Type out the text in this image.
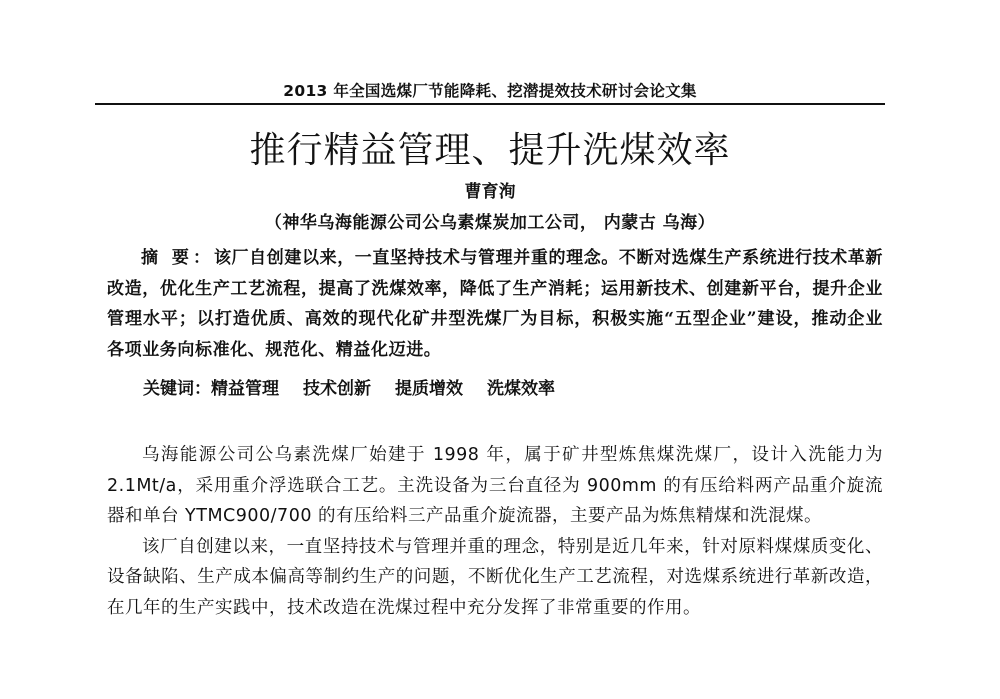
2013 年全国选煤厂节能降耗、挖潜提效技术研讨会论文集
推行精益管理、提升洗煤效率
曹育洵
（神华乌海能源公司公乌素煤炭加工公司， 内蒙古 乌海）
摘 要：该厂自创建以来，一直坚持技术与管理并重的理念。不断对选煤生产系统进行技术革新改造，优化生产工艺流程，提高了洗煤效率，降低了生产消耗；运用新技术、创建新平台，提升企业管理水平；以打造优质、高效的现代化矿井型洗煤厂为目标，积极实施“五型企业”建设，推动企业各项业务向标准化、规范化、精益化迈进。
关键词：精益管理 技术创新 提质增效 洗煤效率

乌海能源公司公乌素洗煤厂始建于 1998 年，属于矿井型炼焦煤洗煤厂，设计入洗能力为 2.1Mt/a，采用重介浮选联合工艺。主洗设备为三台直径为 900mm 的有压给料两产品重介旋流器和单台 YTMC900/700 的有压给料三产品重介旋流器，主要产品为炼焦精煤和洗混煤。

该厂自创建以来，一直坚持技术与管理并重的理念，特别是近几年来，针对原料煤煤质变化、设备缺陷、生产成本偏高等制约生产的问题，不断优化生产工艺流程，对选煤系统进行革新改造，在几年的生产实践中，技术改造在洗煤过程中充分发挥了非常重要的作用。
